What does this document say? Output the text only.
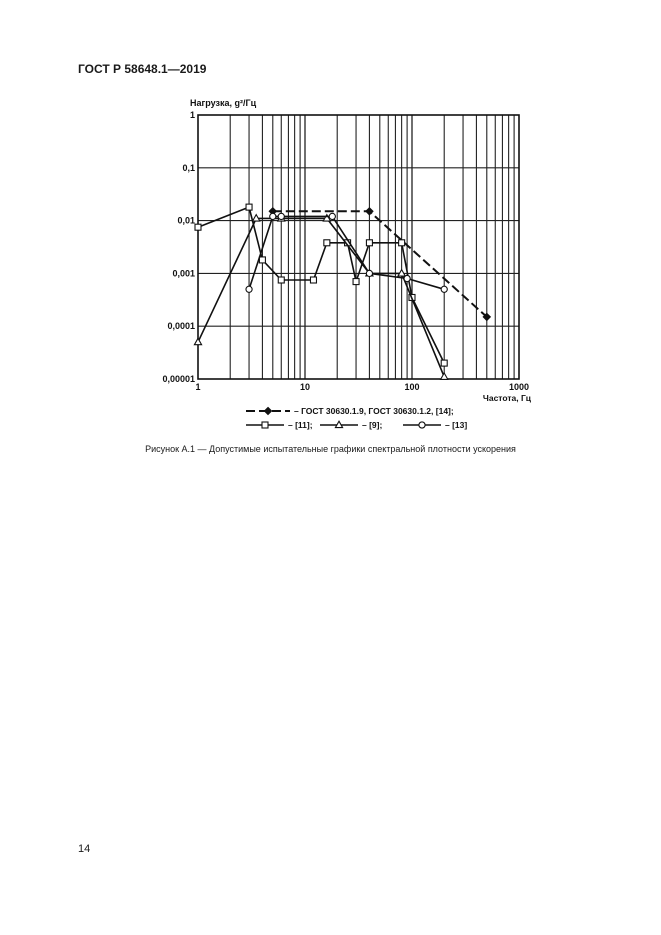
ГОСТ Р 58648.1—2019
1
0,1
0,01
0,001
0,0001
0,00001
1	10	100	1000
Нагрузка, g²/Гц
Частота, Гц
– ГОСТ 30630.1.9, ГОСТ 30630.1.2, [14];
– [11];	– [9];	– [13]
Рисунок А.1 — Допустимые испытательные графики спектральной плотности ускорения
14
